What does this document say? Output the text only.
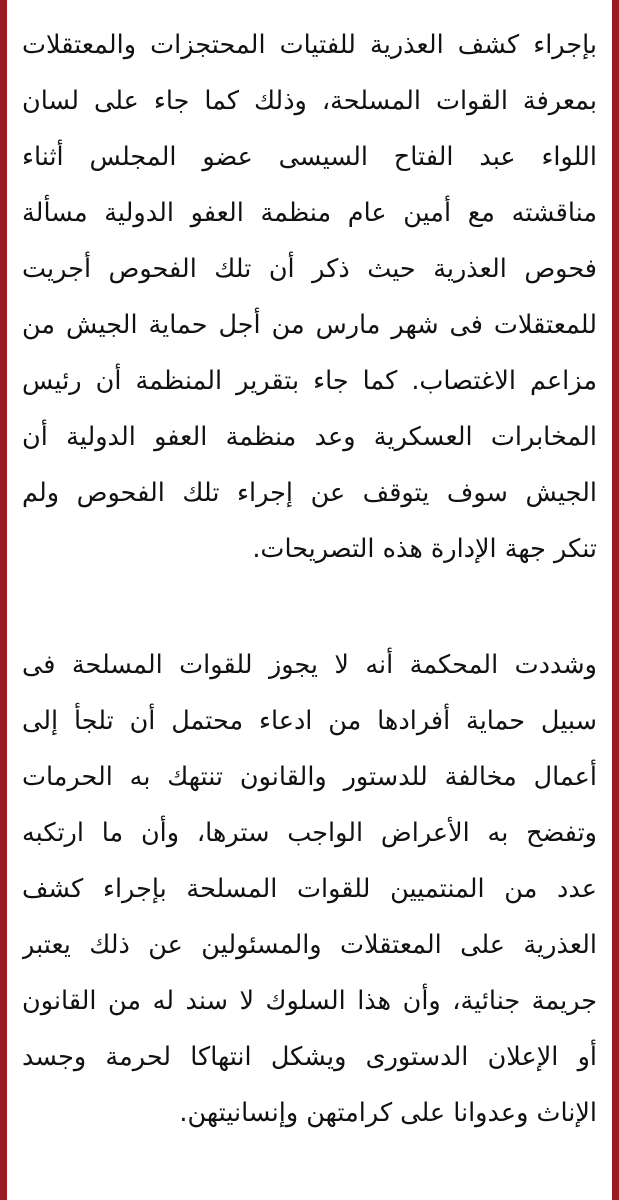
بإجراء كشف العذرية للفتيات المحتجزات والمعتقلات
بمعرفة القوات المسلحة، وذلك كما جاء على لسان
اللواء عبد الفتاح السيسى عضو المجلس أثناء
مناقشته مع أمين عام منظمة العفو الدولية مسألة
فحوص العذرية حيث ذكر أن تلك الفحوص أجريت
للمعتقلات فى شهر مارس من أجل حماية الجيش من
مزاعم الاغتصاب. كما جاء بتقرير المنظمة أن رئيس
المخابرات العسكرية وعد منظمة العفو الدولية أن
الجيش سوف يتوقف عن إجراء تلك الفحوص ولم
تنكر جهة الإدارة هذه التصريحات.
وشددت المحكمة أنه لا يجوز للقوات المسلحة فى
سبيل حماية أفرادها من ادعاء محتمل أن تلجأ إلى
أعمال مخالفة للدستور والقانون تنتهك به الحرمات
وتفضح به الأعراض الواجب سترها، وأن ما ارتكبه
عدد من المنتميين للقوات المسلحة بإجراء كشف
العذرية على المعتقلات والمسئولين عن ذلك يعتبر
جريمة جنائية، وأن هذا السلوك لا سند له من القانون
أو الإعلان الدستورى ويشكل انتهاكا لحرمة وجسد
الإناث وعدوانا على كرامتهن وإنسانيتهن.
